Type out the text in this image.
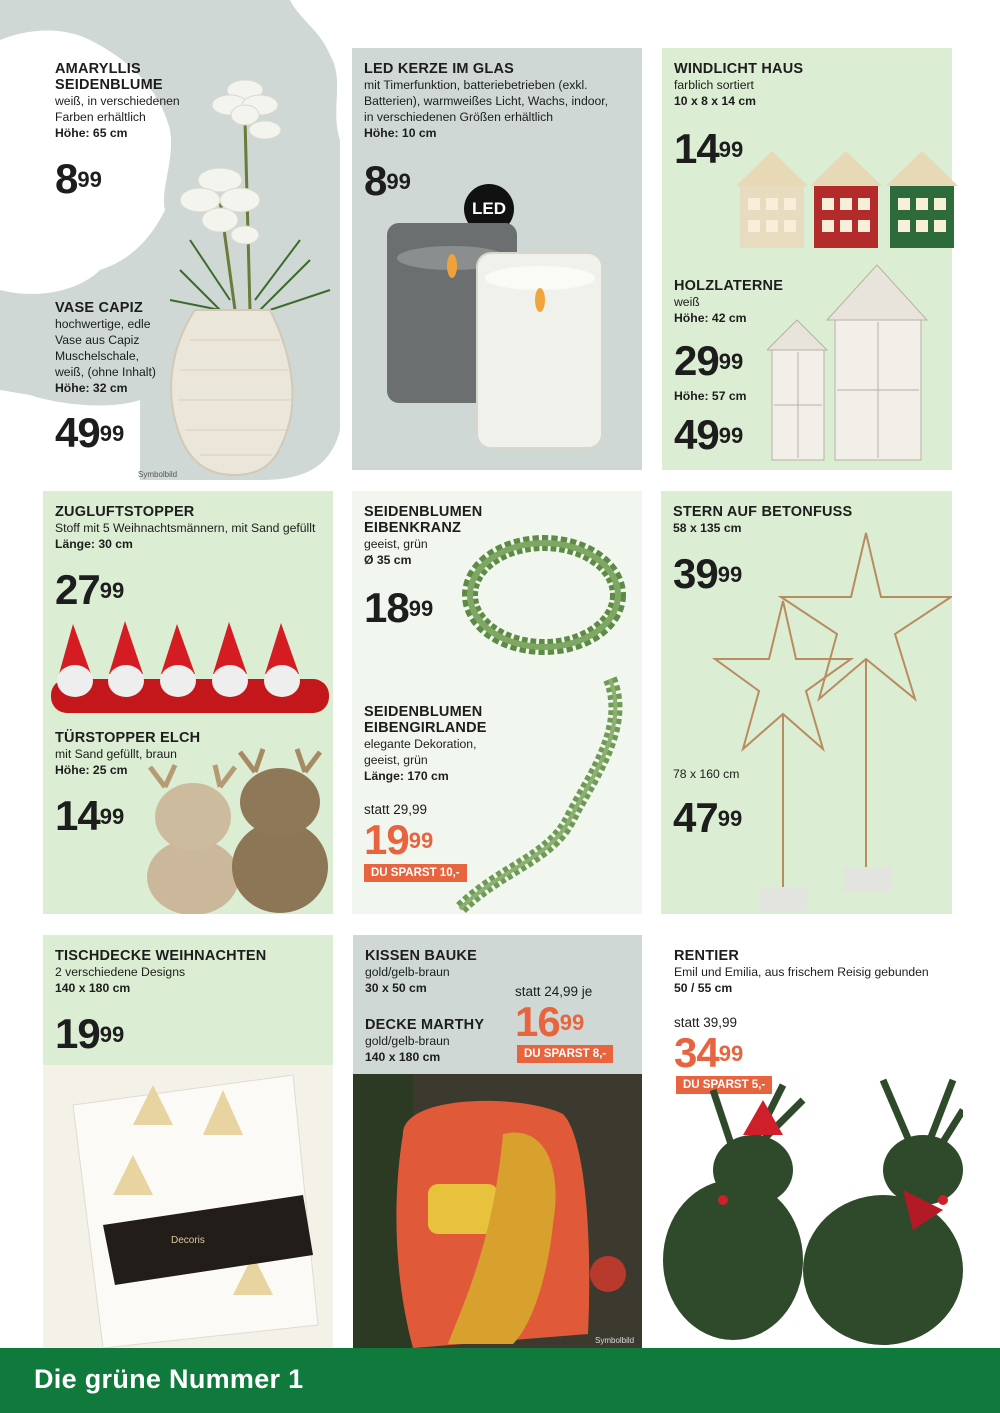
AMARYLLIS
SEIDENBLUME
weiß, in verschiedenen
Farben erhältlich
Höhe: 65 cm
$8^{99}$
VASE CAPIZ
hochwertige, edle
Vase aus Capiz
Muschelschale,
weiß, (ohne Inhalt)
Höhe: 32 cm
$49^{99}$
Symbolbild
LED KERZE IM GLAS
mit Timerfunktion, batteriebetrieben (exkl.
Batterien), warmweißes Licht, Wachs, indoor,
in verschiedenen Größen erhältlich
Höhe: 10 cm
$8^{99}$
LED
WINDLICHT HAUS
farblich sortiert
10 x 8 x 14 cm
$14^{99}$
HOLZLATERNE
weiß
Höhe: 42 cm
$29^{99}$
Höhe: 57 cm
$49^{99}$
ZUGLUFTSTOPPER
Stoff mit 5 Weihnachtsmännern, mit Sand gefüllt
Länge: 30 cm
$27^{99}$
TÜRSTOPPER ELCH
mit Sand gefüllt, braun
Höhe: 25 cm
$14^{99}$
SEIDENBLUMEN
EIBENKRANZ
geeist, grün
Ø 35 cm
$18^{99}$
SEIDENBLUMEN
EIBENGIRLANDE
elegante Dekoration,
geeist, grün
Länge: 170 cm
statt 29,99
$19^{99}$
DU SPARST 10,-
STERN AUF BETONFUSS
58 x 135 cm
$39^{99}$
78 x 160 cm
$47^{99}$
TISCHDECKE WEIHNACHTEN
2 verschiedene Designs
140 x 180 cm
$19^{99}$
Decoris
KISSEN BAUKE
gold/gelb-braun
30 x 50 cm
DECKE MARTHY
gold/gelb-braun
140 x 180 cm
statt 24,99 je
$16^{99}$
DU SPARST 8,-
Symbolbild
RENTIER
Emil und Emilia, aus frischem Reisig gebunden
50 / 55 cm
statt 39,99
$34^{99}$
DU SPARST 5,-
Die grüne Nummer 1
